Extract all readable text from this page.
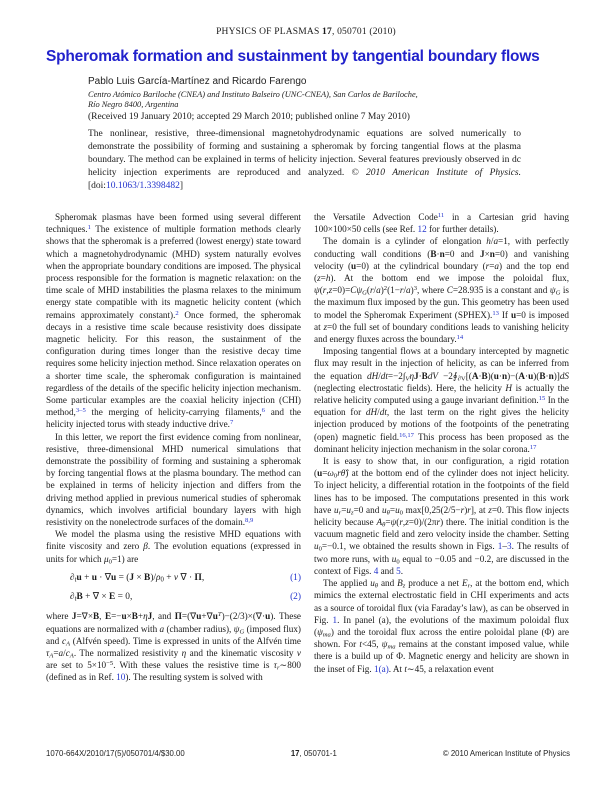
PHYSICS OF PLASMAS 17, 050701 (2010)
Spheromak formation and sustainment by tangential boundary flows
Pablo Luis García-Martínez and Ricardo Farengo
Centro Atómico Bariloche (CNEA) and Instituto Balseiro (UNC-CNEA), San Carlos de Bariloche,
Río Negro 8400, Argentina
(Received 19 January 2010; accepted 29 March 2010; published online 7 May 2010)
The nonlinear, resistive, three-dimensional magnetohydrodynamic equations are solved numerically to demonstrate the possibility of forming and sustaining a spheromak by forcing tangential flows at the plasma boundary. The method can be explained in terms of helicity injection. Several features previously observed in dc helicity injection experiments are reproduced and analyzed. © 2010 American Institute of Physics. [doi:10.1063/1.3398482]

Spheromak plasmas have been formed using several different techniques.$^1$ The existence of multiple formation methods clearly shows that the spheromak is a preferred (lowest energy) state toward which a magnetohydrodynamic (MHD) system naturally evolves when the appropriate boundary conditions are imposed. The physical process responsible for the formation is magnetic relaxation: on the time scale of MHD instabilities the plasma relaxes to the minimum energy state compatible with its magnetic helicity content (which remains approximately constant).$^2$ Once formed, the spheromak decays in a resistive time scale because resistivity does dissipate magnetic helicity. For this reason, the sustainment of the configuration during times longer than the resistive decay time requires some helicity injection method. Since relaxation operates on a shorter time scale, the spheromak configuration is maintained regardless of the details of the specific helicity injection mechanism. Some particular examples are the coaxial helicity injection (CHI) method,$^{3-5}$ the merging of helicity-carrying filaments,$^6$ and the helicity injected torus with steady inductive drive.$^7$

In this letter, we report the first evidence coming from nonlinear, resistive, three-dimensional MHD numerical simulations that demonstrate the possibility of forming and sustaining a spheromak by forcing tangential flows at the plasma boundary. The method can be explained in terms of helicity injection and differs from the driving method applied in previous numerical studies of spheromak dynamics, which involves artificial boundary layers with high resistivity on the nonelectrode surfaces of the domain.$^{8,9}$

We model the plasma using the resistive MHD equations with finite viscosity and zero β. The evolution equations (expressed in units for which μ0=1) are

∂tu + u · ∇u = (J × B)/ρ0 + ν ∇ · Π,	(1)
∂tB + ∇ × E = 0,	(2)

where J=∇×B, E=−u×B+ηJ, and $\Pi=(\nabla u+\nabla u^T)-(2/3)\times(\nabla\cdot u)$. These equations are normalized with a (chamber radius), ψG (imposed flux) and cA (Alfvén speed). Time is expressed in units of the Alfvén time τA=a/cA. The normalized resistivity η and the kinematic viscosity ν are set to $5\times 10^{-5}$. With these values the resistive time is τr∼800 (defined as in Ref. 10). The resulting system is solved with

the Versatile Advection Code$^{11}$ in a Cartesian grid having 100×100×50 cells (see Ref. 12 for further details).

The domain is a cylinder of elongation h/a=1, with perfectly conducting wall conditions (B·n=0 and J×n=0) and vanishing velocity (u=0) at the cylindrical boundary (r=a) and the top end (z=h). At the bottom end we impose the poloidal flux, $\psi(r,z=0)=C\psi G(r/a)^2(1-r/a)^3$, where C=28.935 is a constant and ψG is the maximum flux imposed by the gun. This geometry has been used to model the Spheromak Experiment (SPHEX).$^{13}$ If u=0 is imposed at z=0 the full set of boundary conditions leads to vanishing helicity and energy fluxes across the boundary.$^{14}$

Imposing tangential flows at a boundary intercepted by magnetic flux may result in the injection of helicity, as can be inferred from the equation dH/dt=−2∫VηJ·BdV −2∮∂V[(A·B)(u·n)−(A·u)(B·n)]dS (neglecting electrostatic fields). Here, the helicity H is actually the relative helicity computed using a gauge invariant definition.$^{15}$ In the equation for dH/dt, the last term on the right gives the helicity injection produced by motions of the footpoints of the penetrating (open) magnetic field.$^{16,17}$ This process has been proposed as the dominant helicity injection mechanism in the solar corona.$^{17}$

It is easy to show that, in our configuration, a rigid rotation (u=ω0rθ̂) at the bottom end of the cylinder does not inject helicity. To inject helicity, a differential rotation in the footpoints of the field lines has to be imposed. The computations presented in this work have ur=uz=0 and uθ=u0 max[0,25(2/5−r)r], at z=0. This flow injects helicity because Aθ=ψ(r,z=0)/(2πr) there. The initial condition is the vacuum magnetic field and zero velocity inside the chamber. Setting u0=−0.1, we obtained the results shown in Figs. 1–3. The results of two more runs, with u0 equal to −0.05 and −0.2, are discussed in the context of Figs. 4 and 5.

The applied uθ and Bz produce a net Er, at the bottom end, which mimics the external electrostatic field in CHI experiments and acts as a source of toroidal flux (via Faraday’s law), as can be observed in Fig. 1. In panel (a), the evolutions of the maximum poloidal flux (ψma) and the toroidal flux across the entire poloidal plane (Φ) are shown. For t<45, ψma remains at the constant imposed value, while there is a build up of Φ. Magnetic energy and helicity are shown in the inset of Fig. 1(a). At t∼45, a relaxation event

1070-664X/2010/17(5)/050701/4/$30.00	17, 050701-1	© 2010 American Institute of Physics
